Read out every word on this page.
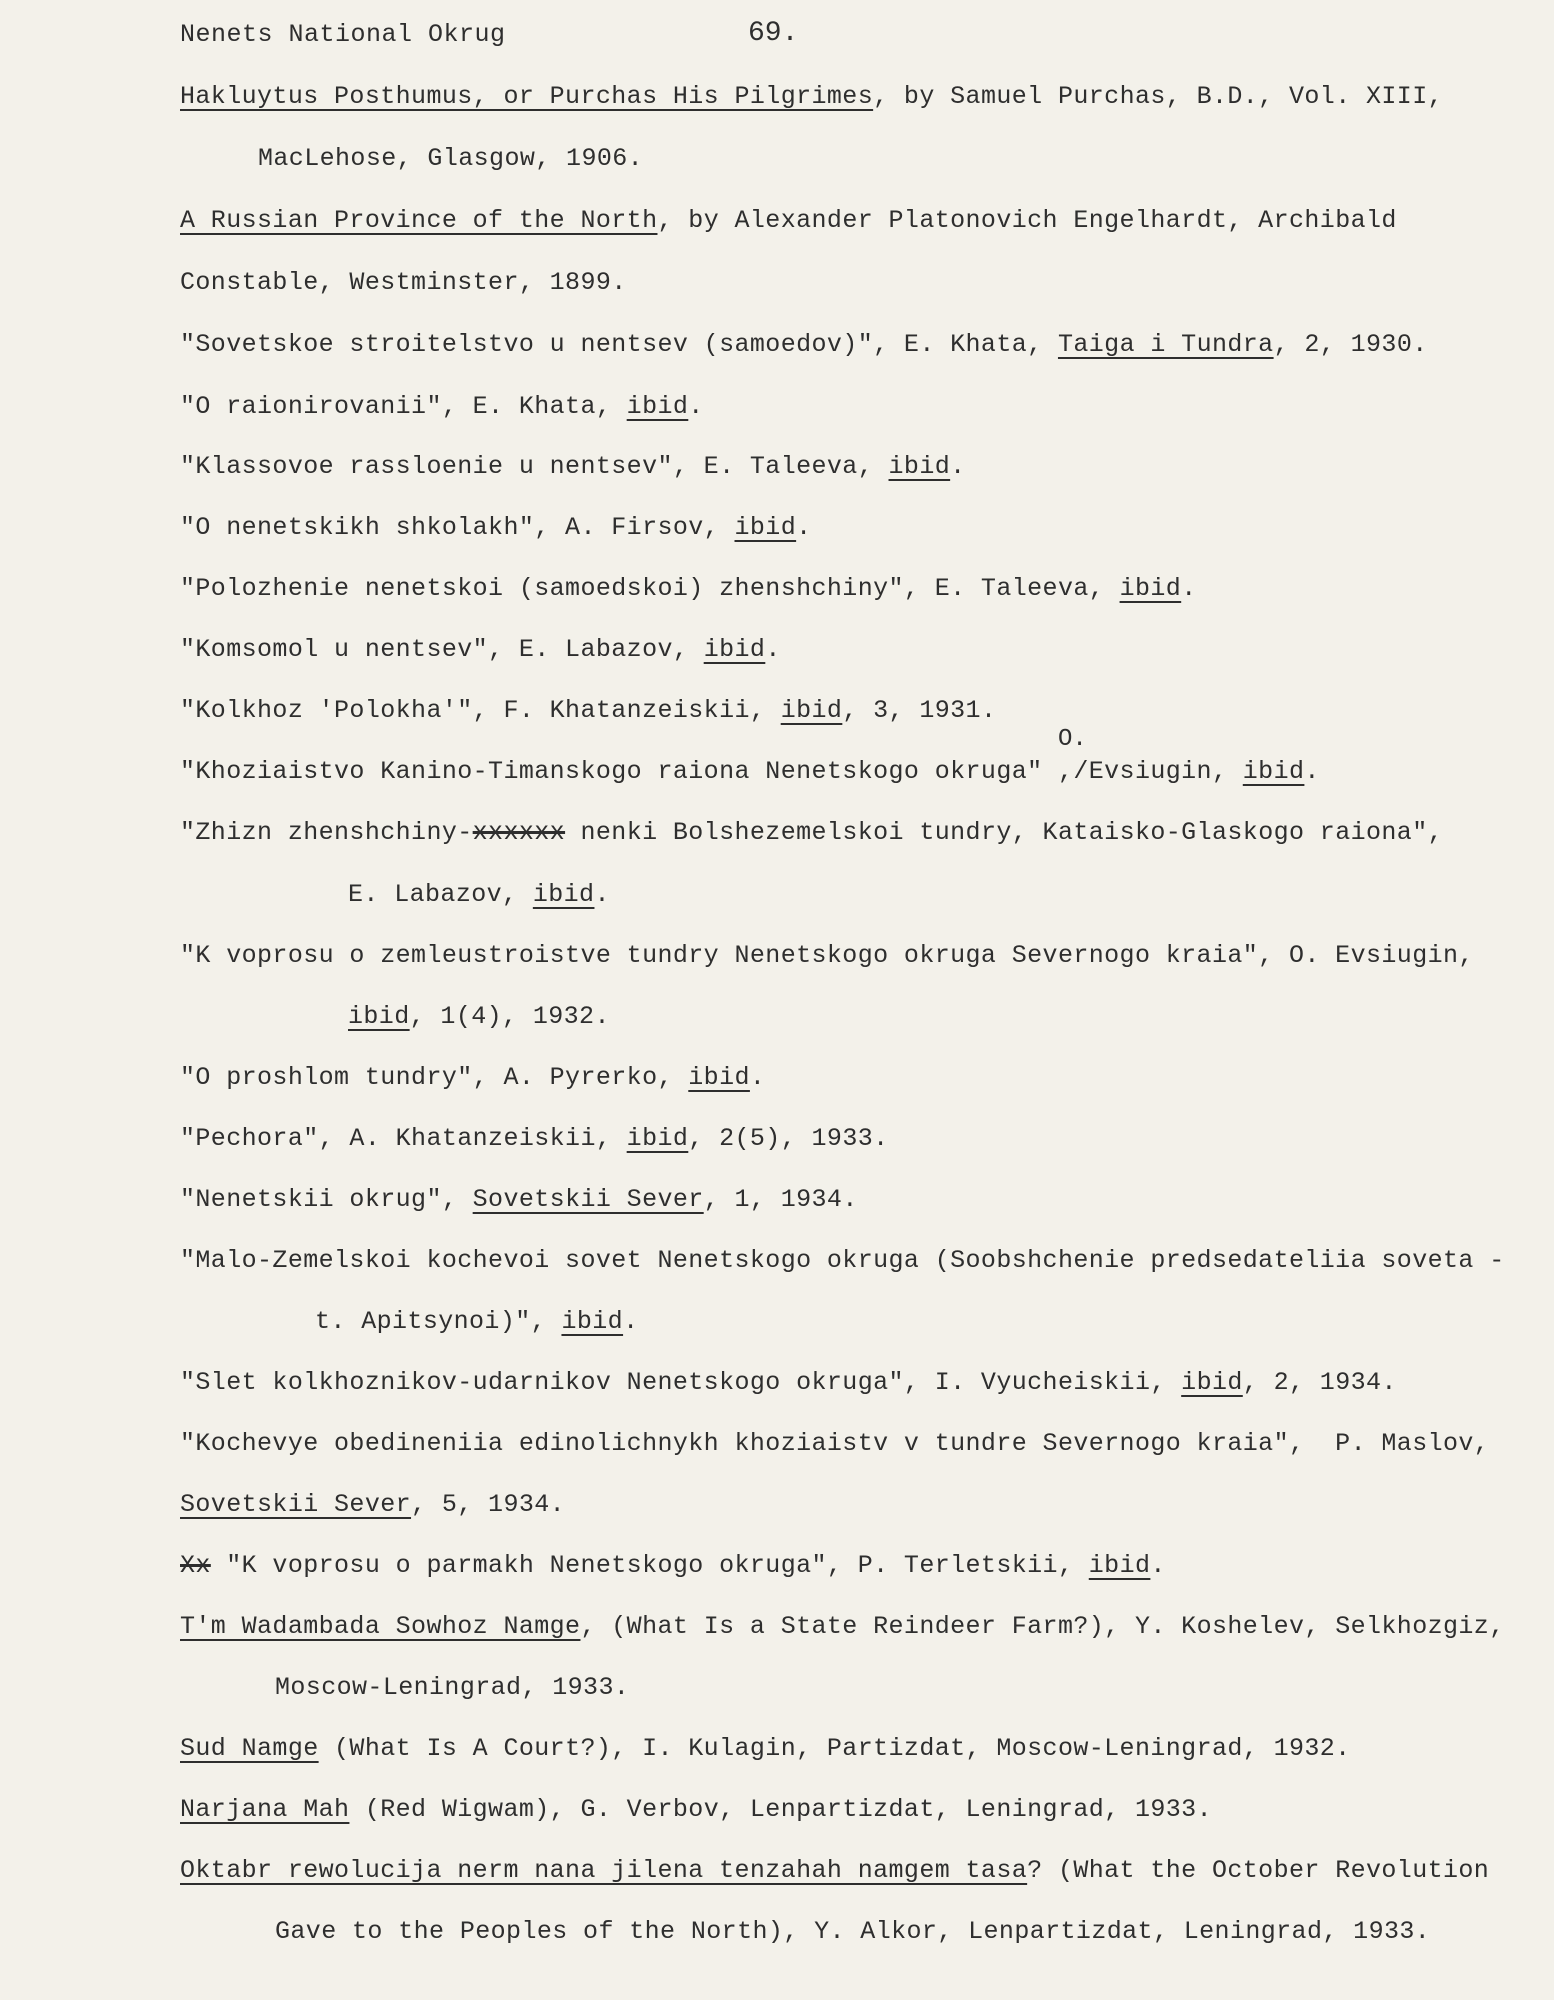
Nenets National Okrug	69.
Hakluytus Posthumus, or Purchas His Pilgrimes, by Samuel Purchas, B.D., Vol. XIII,
MacLehose, Glasgow, 1906.
A Russian Province of the North, by Alexander Platonovich Engelhardt, Archibald
Constable, Westminster, 1899.
"Sovetskoe stroitelstvo u nentsev (samoedov)", E. Khata, Taiga i Tundra, 2, 1930.
"O raionirovanii", E. Khata, ibid.
"Klassovoe rassloenie u nentsev", E. Taleeva, ibid.
"O nenetskikh shkolakh", A. Firsov, ibid.
"Polozhenie nenetskoi (samoedskoi) zhenshchiny", E. Taleeva, ibid.
"Komsomol u nentsev", E. Labazov, ibid.
"Kolkhoz 'Polokha'", F. Khatanzeiskii, ibid, 3, 1931.
O.
"Khoziaistvo Kanino-Timanskogo raiona Nenetskogo okruga" ,/Evsiugin, ibid.
"Zhizn zhenshchiny-xxxxxx nenki Bolshezemelskoi tundry, Kataisko-Glaskogo raiona",
E. Labazov, ibid.
"K voprosu o zemleustroistve tundry Nenetskogo okruga Severnogo kraia", O. Evsiugin,
ibid, 1(4), 1932.
"O proshlom tundry", A. Pyrerko, ibid.
"Pechora", A. Khatanzeiskii, ibid, 2(5), 1933.
"Nenetskii okrug", Sovetskii Sever, 1, 1934.
"Malo-Zemelskoi kochevoi sovet Nenetskogo okruga (Soobshchenie predsedateliia soveta -
t. Apitsynoi)", ibid.
"Slet kolkhoznikov-udarnikov Nenetskogo okruga", I. Vyucheiskii, ibid, 2, 1934.
"Kochevye obedineniia edinolichnykh khoziaistv v tundre Severnogo kraia",  P. Maslov,
Sovetskii Sever, 5, 1934.
Xx "K voprosu o parmakh Nenetskogo okruga", P. Terletskii, ibid.
T'm Wadambada Sowhoz Namge, (What Is a State Reindeer Farm?), Y. Koshelev, Selkhozgiz,
Moscow-Leningrad, 1933.
Sud Namge (What Is A Court?), I. Kulagin, Partizdat, Moscow-Leningrad, 1932.
Narjana Mah (Red Wigwam), G. Verbov, Lenpartizdat, Leningrad, 1933.
Oktabr rewolucija nerm nana jilena tenzahah namgem tasa? (What the October Revolution
Gave to the Peoples of the North), Y. Alkor, Lenpartizdat, Leningrad, 1933.
